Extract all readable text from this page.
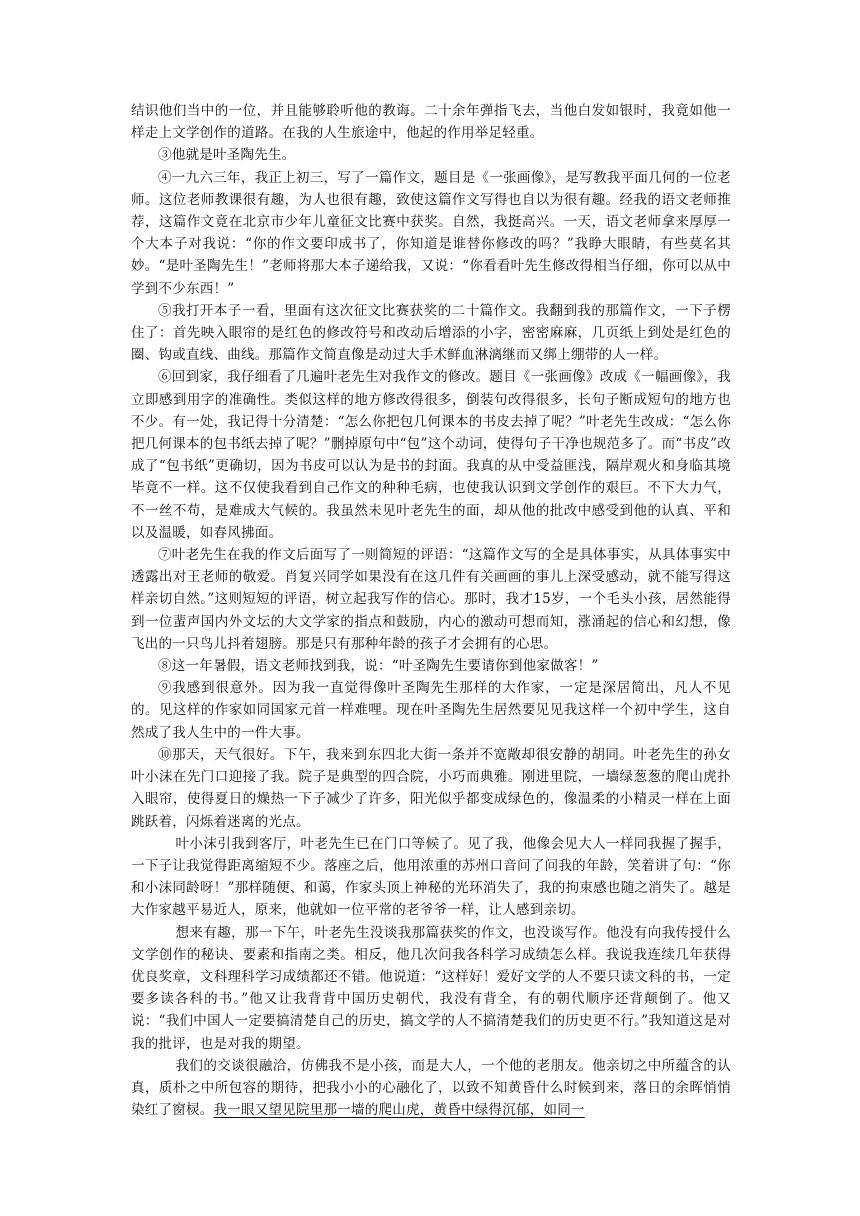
结识他们当中的一位，并且能够聆听他的教诲。二十余年弹指飞去，当他白发如银时，我竟如他一样走上文学创作的道路。在我的人生旅途中，他起的作用举足轻重。

③他就是叶圣陶先生。

④一九六三年，我正上初三，写了一篇作文，题目是《一张画像》，是写教我平面几何的一位老师。这位老师教课很有趣，为人也很有趣，致使这篇作文写得也自以为很有趣。经我的语文老师推荐，这篇作文竟在北京市少年儿童征文比赛中获奖。自然，我挺高兴。一天，语文老师拿来厚厚一个大本子对我说：“你的作文要印成书了，你知道是谁替你修改的吗？”我睁大眼睛，有些莫名其妙。“是叶圣陶先生！”老师将那大本子递给我，又说：“你看看叶先生修改得相当仔细，你可以从中学到不少东西！”

⑤我打开本子一看，里面有这次征文比赛获奖的二十篇作文。我翻到我的那篇作文，一下子楞住了：首先映入眼帘的是红色的修改符号和改动后增添的小字，密密麻麻，几页纸上到处是红色的圈、钩或直线、曲线。那篇作文简直像是动过大手术鲜血淋漓继而又绑上绷带的人一样。

⑥回到家，我仔细看了几遍叶老先生对我作文的修改。题目《一张画像》改成《一幅画像》，我立即感到用字的准确性。类似这样的地方修改得很多，倒装句改得很多，长句子断成短句的地方也不少。有一处，我记得十分清楚：“怎么你把包几何课本的书皮去掉了呢？”叶老先生改成：“怎么你把几何课本的包书纸去掉了呢？”删掉原句中“包”这个动词，使得句子干净也规范多了。而“书皮”改成了“包书纸”更确切，因为书皮可以认为是书的封面。我真的从中受益匪浅，隔岸观火和身临其境毕竟不一样。这不仅使我看到自己作文的种种毛病，也使我认识到文学创作的艰巨。不下大力气，不一丝不苟，是难成大气候的。我虽然未见叶老先生的面，却从他的批改中感受到他的认真、平和以及温暖，如春风拂面。

⑦叶老先生在我的作文后面写了一则简短的评语：“这篇作文写的全是具体事实，从具体事实中透露出对王老师的敬爱。肖复兴同学如果没有在这几件有关画画的事儿上深受感动，就不能写得这样亲切自然。”这则短短的评语，树立起我写作的信心。那时，我才15岁，一个毛头小孩，居然能得到一位蜚声国内外文坛的大文学家的指点和鼓励，内心的激动可想而知，涨涌起的信心和幻想，像飞出的一只鸟儿抖着翅膀。那是只有那种年龄的孩子才会拥有的心思。

⑧这一年暑假，语文老师找到我，说：“叶圣陶先生要请你到他家做客！”

⑨我感到很意外。因为我一直觉得像叶圣陶先生那样的大作家，一定是深居简出，凡人不见的。见这样的作家如同国家元首一样难哩。现在叶圣陶先生居然要见见我这样一个初中学生，这自然成了我人生中的一件大事。

⑩那天，天气很好。下午，我来到东四北大街一条并不宽敞却很安静的胡同。叶老先生的孙女叶小沫在先门口迎接了我。院子是典型的四合院，小巧而典雅。刚进里院，一墙绿葱葱的爬山虎扑入眼帘，使得夏日的燥热一下子减少了许多，阳光似乎都变成绿色的，像温柔的小精灵一样在上面跳跃着，闪烁着迷离的光点。

叶小沫引我到客厅，叶老先生已在门口等候了。见了我，他像会见大人一样同我握了握手，一下子让我觉得距离缩短不少。落座之后，他用浓重的苏州口音问了问我的年龄，笑着讲了句：“你和小沫同龄呀！”那样随便、和蔼，作家头顶上神秘的光环消失了，我的拘束感也随之消失了。越是大作家越平易近人，原来，他就如一位平常的老爷爷一样，让人感到亲切。

想来有趣，那一下午，叶老先生没谈我那篇获奖的作文，也没谈写作。他没有向我传授什么文学创作的秘诀、要素和指南之类。相反，他几次问我各科学习成绩怎么样。我说我连续几年获得优良奖章，文科理科学习成绩都还不错。他说道：“这样好！爱好文学的人不要只读文科的书，一定要多读各科的书。”他又让我背背中国历史朝代，我没有背全，有的朝代顺序还背颠倒了。他又说：“我们中国人一定要搞清楚自己的历史，搞文学的人不搞清楚我们的历史更不行。”我知道这是对我的批评，也是对我的期望。

我们的交谈很融洽，仿佛我不是小孩，而是大人，一个他的老朋友。他亲切之中所蕴含的认真，质朴之中所包容的期待，把我小小的心融化了，以致不知黄昏什么时候到来，落日的余晖悄悄染红了窗棂。我一眼又望见院里那一墙的爬山虎，黄昏中绿得沉郁，如同一
